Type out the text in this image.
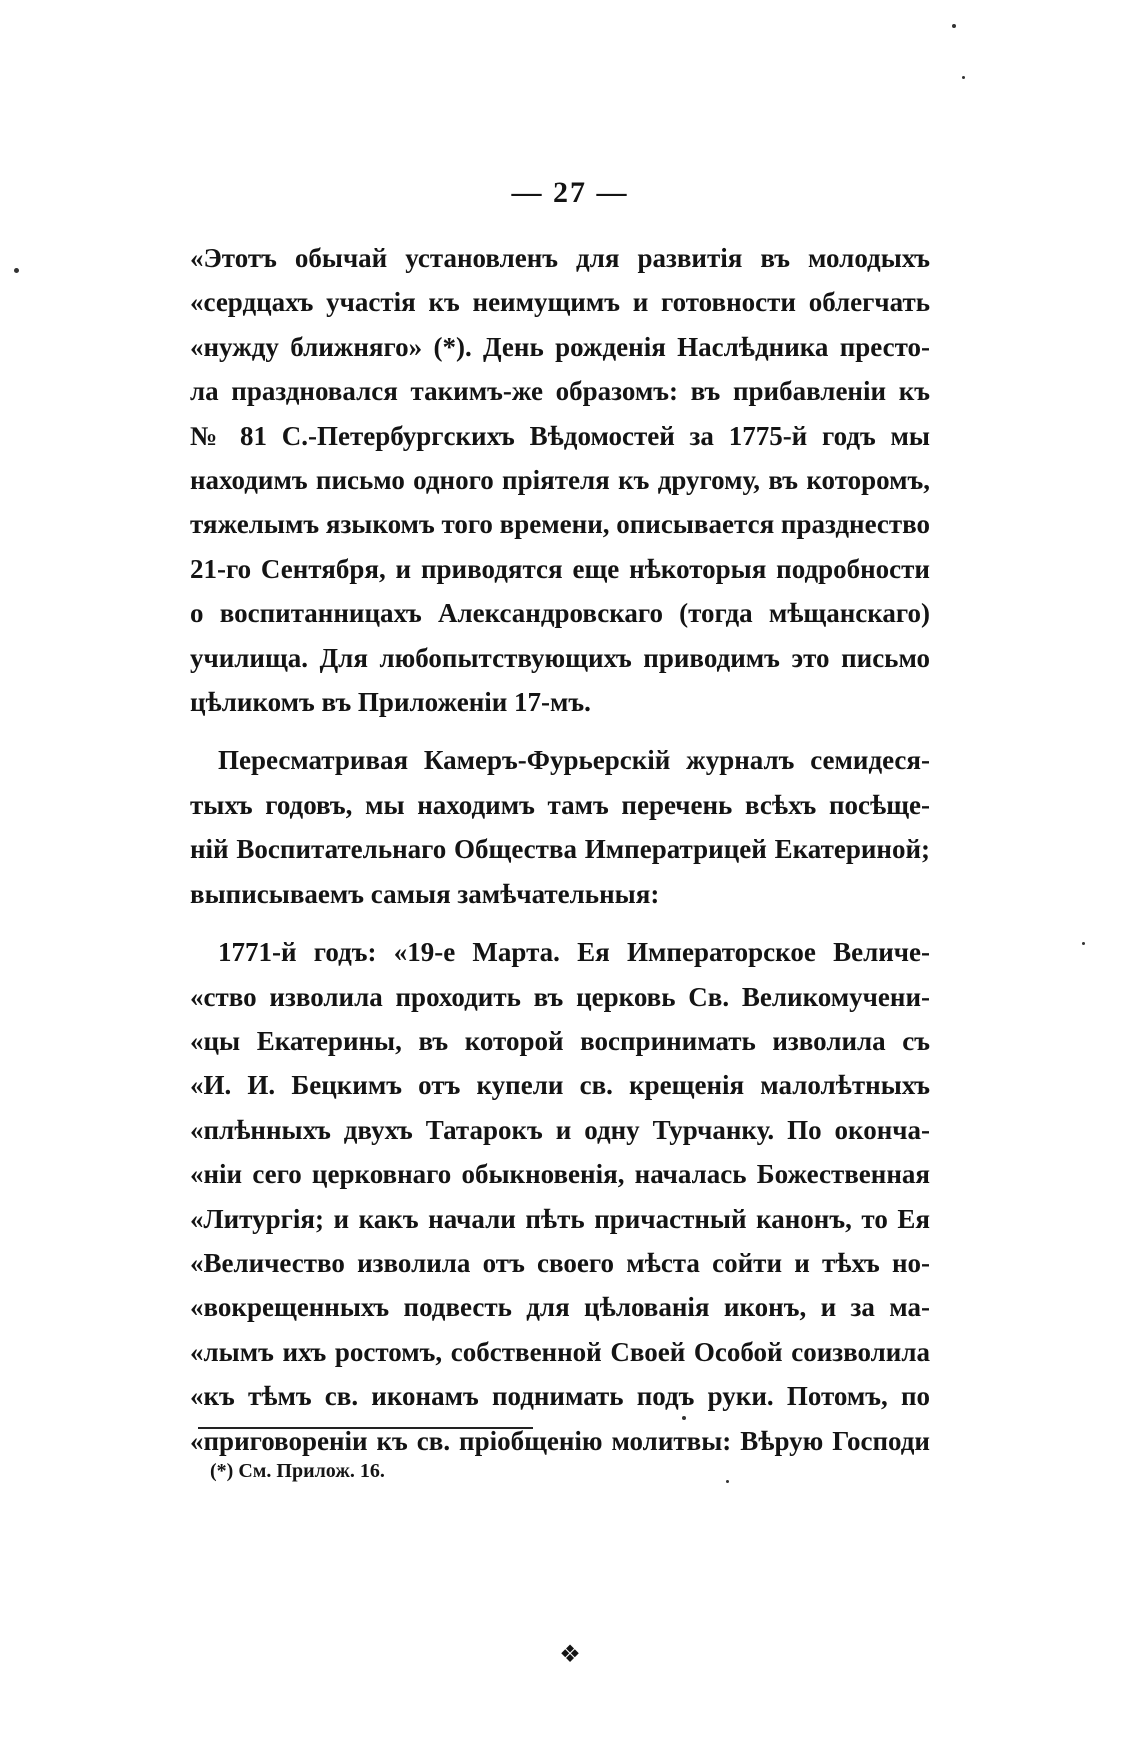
— 27 —
«Этотъ обычай установленъ для развитія въ молодыхъ
«сердцахъ участія къ неимущимъ и готовности облегчать
«нужду ближняго» (*). День рожденія Наслѣдника престо-
ла праздновался такимъ-же образомъ: въ прибавленіи къ
№ 81 С.-Петербургскихъ Вѣдомостей за 1775-й годъ мы
находимъ письмо одного пріятеля къ другому, въ которомъ,
тяжелымъ языкомъ того времени, описывается празднество
21-го Сентября, и приводятся еще нѣкоторыя подробности
о воспитанницахъ Александровскаго (тогда мѣщанскаго)
училища. Для любопытствующихъ приводимъ это письмо
цѣликомъ въ Приложеніи 17-мъ.
Пересматривая Камеръ-Фурьерскій журналъ семидеся-
тыхъ годовъ, мы находимъ тамъ перечень всѣхъ посѣще-
ній Воспитательнаго Общества Императрицей Екатериной;
выписываемъ самыя замѣчательныя:
1771-й годъ: «19-е Марта. Ея Императорское Величе-
«ство изволила проходить въ церковь Св. Великомучени-
«цы Екатерины, въ которой воспринимать изволила съ
«И. И. Бецкимъ отъ купели св. крещенія малолѣтныхъ
«плѣнныхъ двухъ Татарокъ и одну Турчанку. По оконча-
«ніи сего церковнаго обыкновенія, началась Божественная
«Литургія; и какъ начали пѣть причастный канонъ, то Ея
«Величество изволила отъ своего мѣста сойти и тѣхъ но-
«вокрещенныхъ подвесть для цѣлованія иконъ, и за ма-
«лымъ ихъ ростомъ, собственной Своей Особой соизволила
«къ тѣмъ св. иконамъ поднимать подъ руки. Потомъ, по
«приговореніи къ св. пріобщенію молитвы: Вѣрую Господи
(*) См. Прилож. 16.
❖
